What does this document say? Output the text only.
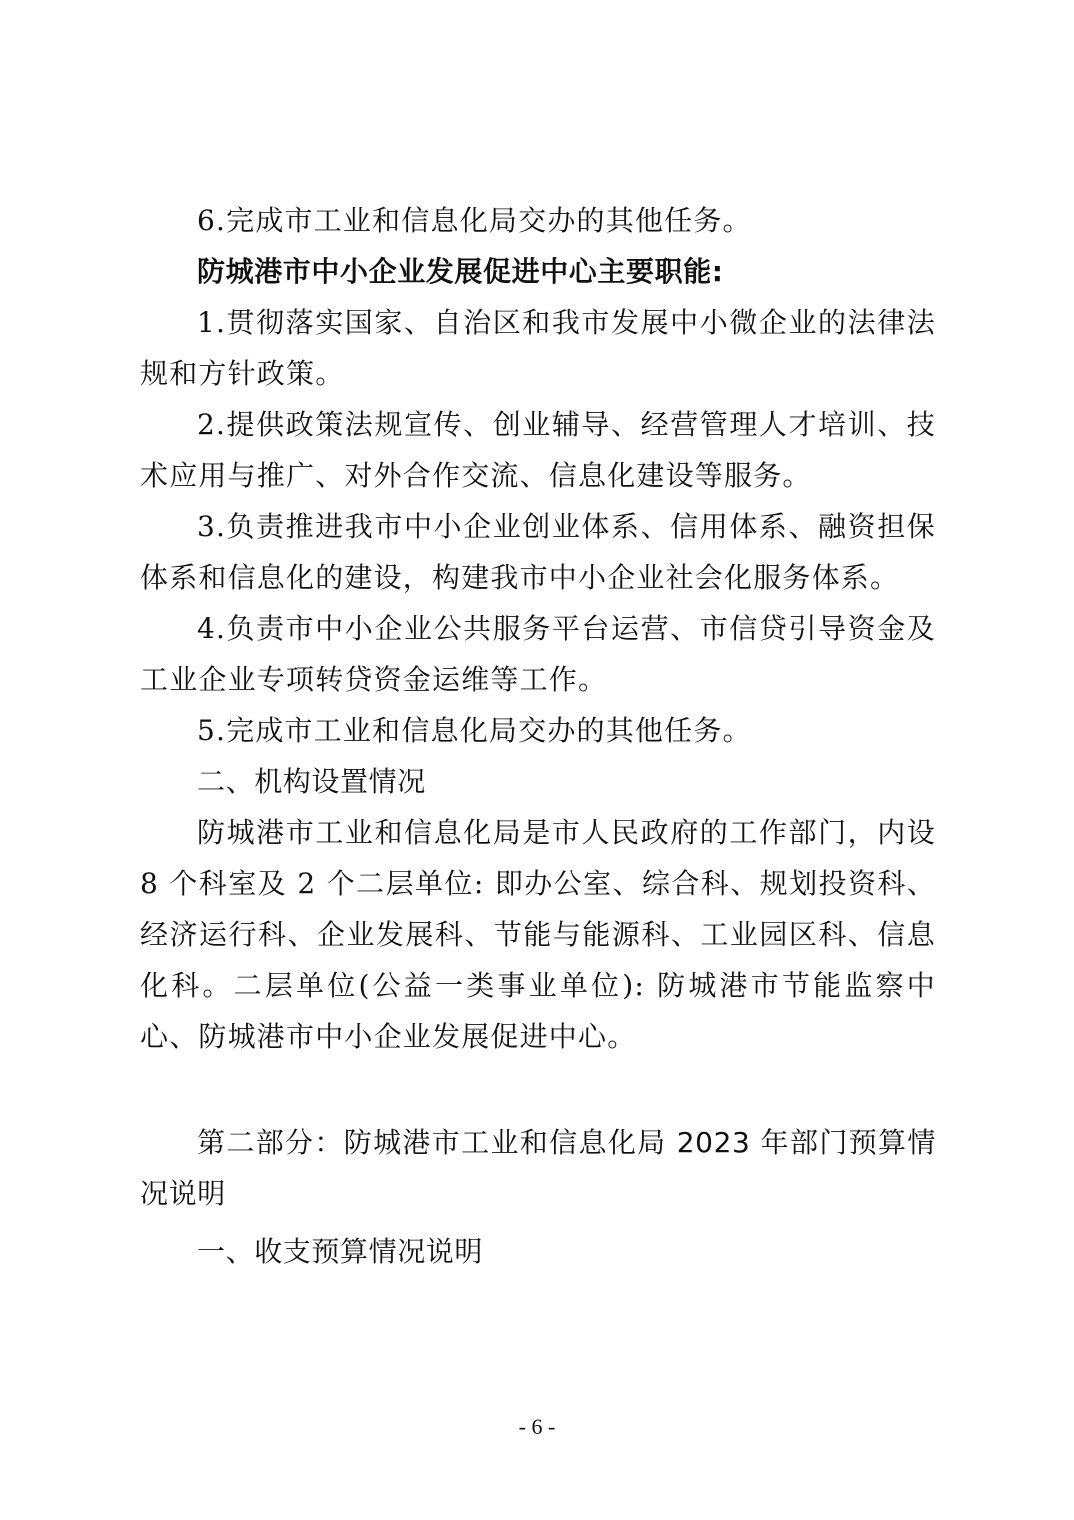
6.完成市工业和信息化局交办的其他任务。

防城港市中小企业发展促进中心主要职能:

1.贯彻落实国家、自治区和我市发展中小微企业的法律法规和方针政策。

2.提供政策法规宣传、创业辅导、经营管理人才培训、技术应用与推广、对外合作交流、信息化建设等服务。

3.负责推进我市中小企业创业体系、信用体系、融资担保体系和信息化的建设，构建我市中小企业社会化服务体系。

4.负责市中小企业公共服务平台运营、市信贷引导资金及工业企业专项转贷资金运维等工作。

5.完成市工业和信息化局交办的其他任务。

二、机构设置情况

防城港市工业和信息化局是市人民政府的工作部门，内设 8 个科室及 2 个二层单位: 即办公室、综合科、规划投资科、经济运行科、企业发展科、节能与能源科、工业园区科、信息化科。二层单位(公益一类事业单位): 防城港市节能监察中心、防城港市中小企业发展促进中心。

第二部分：防城港市工业和信息化局 2023 年部门预算情况说明

一、收支预算情况说明

- 6 -
